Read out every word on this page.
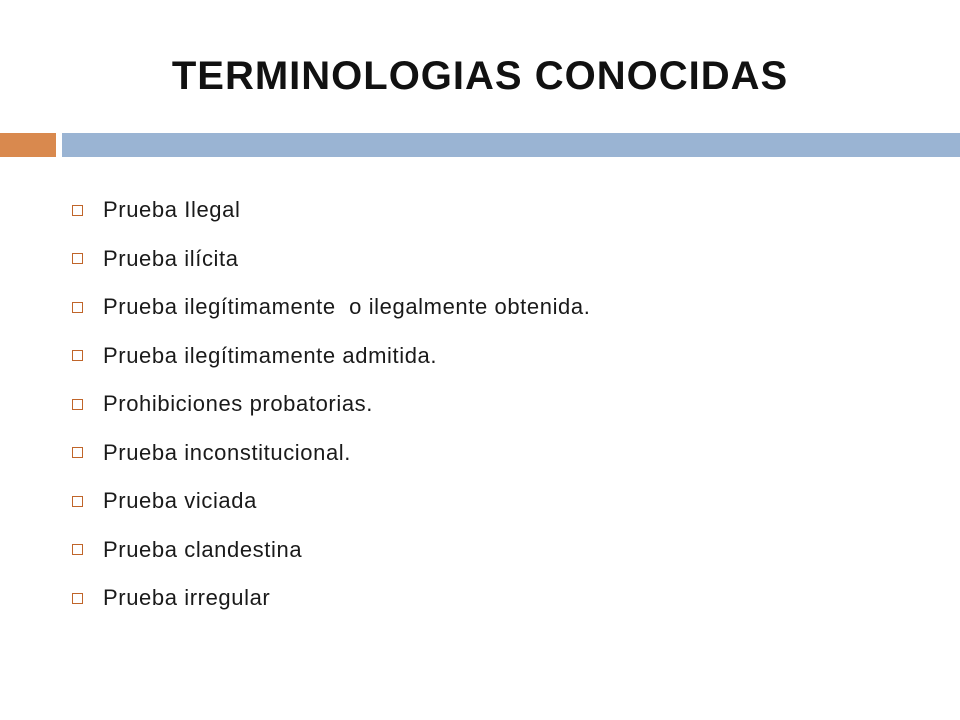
TERMINOLOGIAS CONOCIDAS
Prueba Ilegal
Prueba ilícita
Prueba ilegítimamente  o ilegalmente obtenida.
Prueba ilegítimamente admitida.
Prohibiciones probatorias.
Prueba inconstitucional.
Prueba viciada
Prueba clandestina
Prueba irregular
